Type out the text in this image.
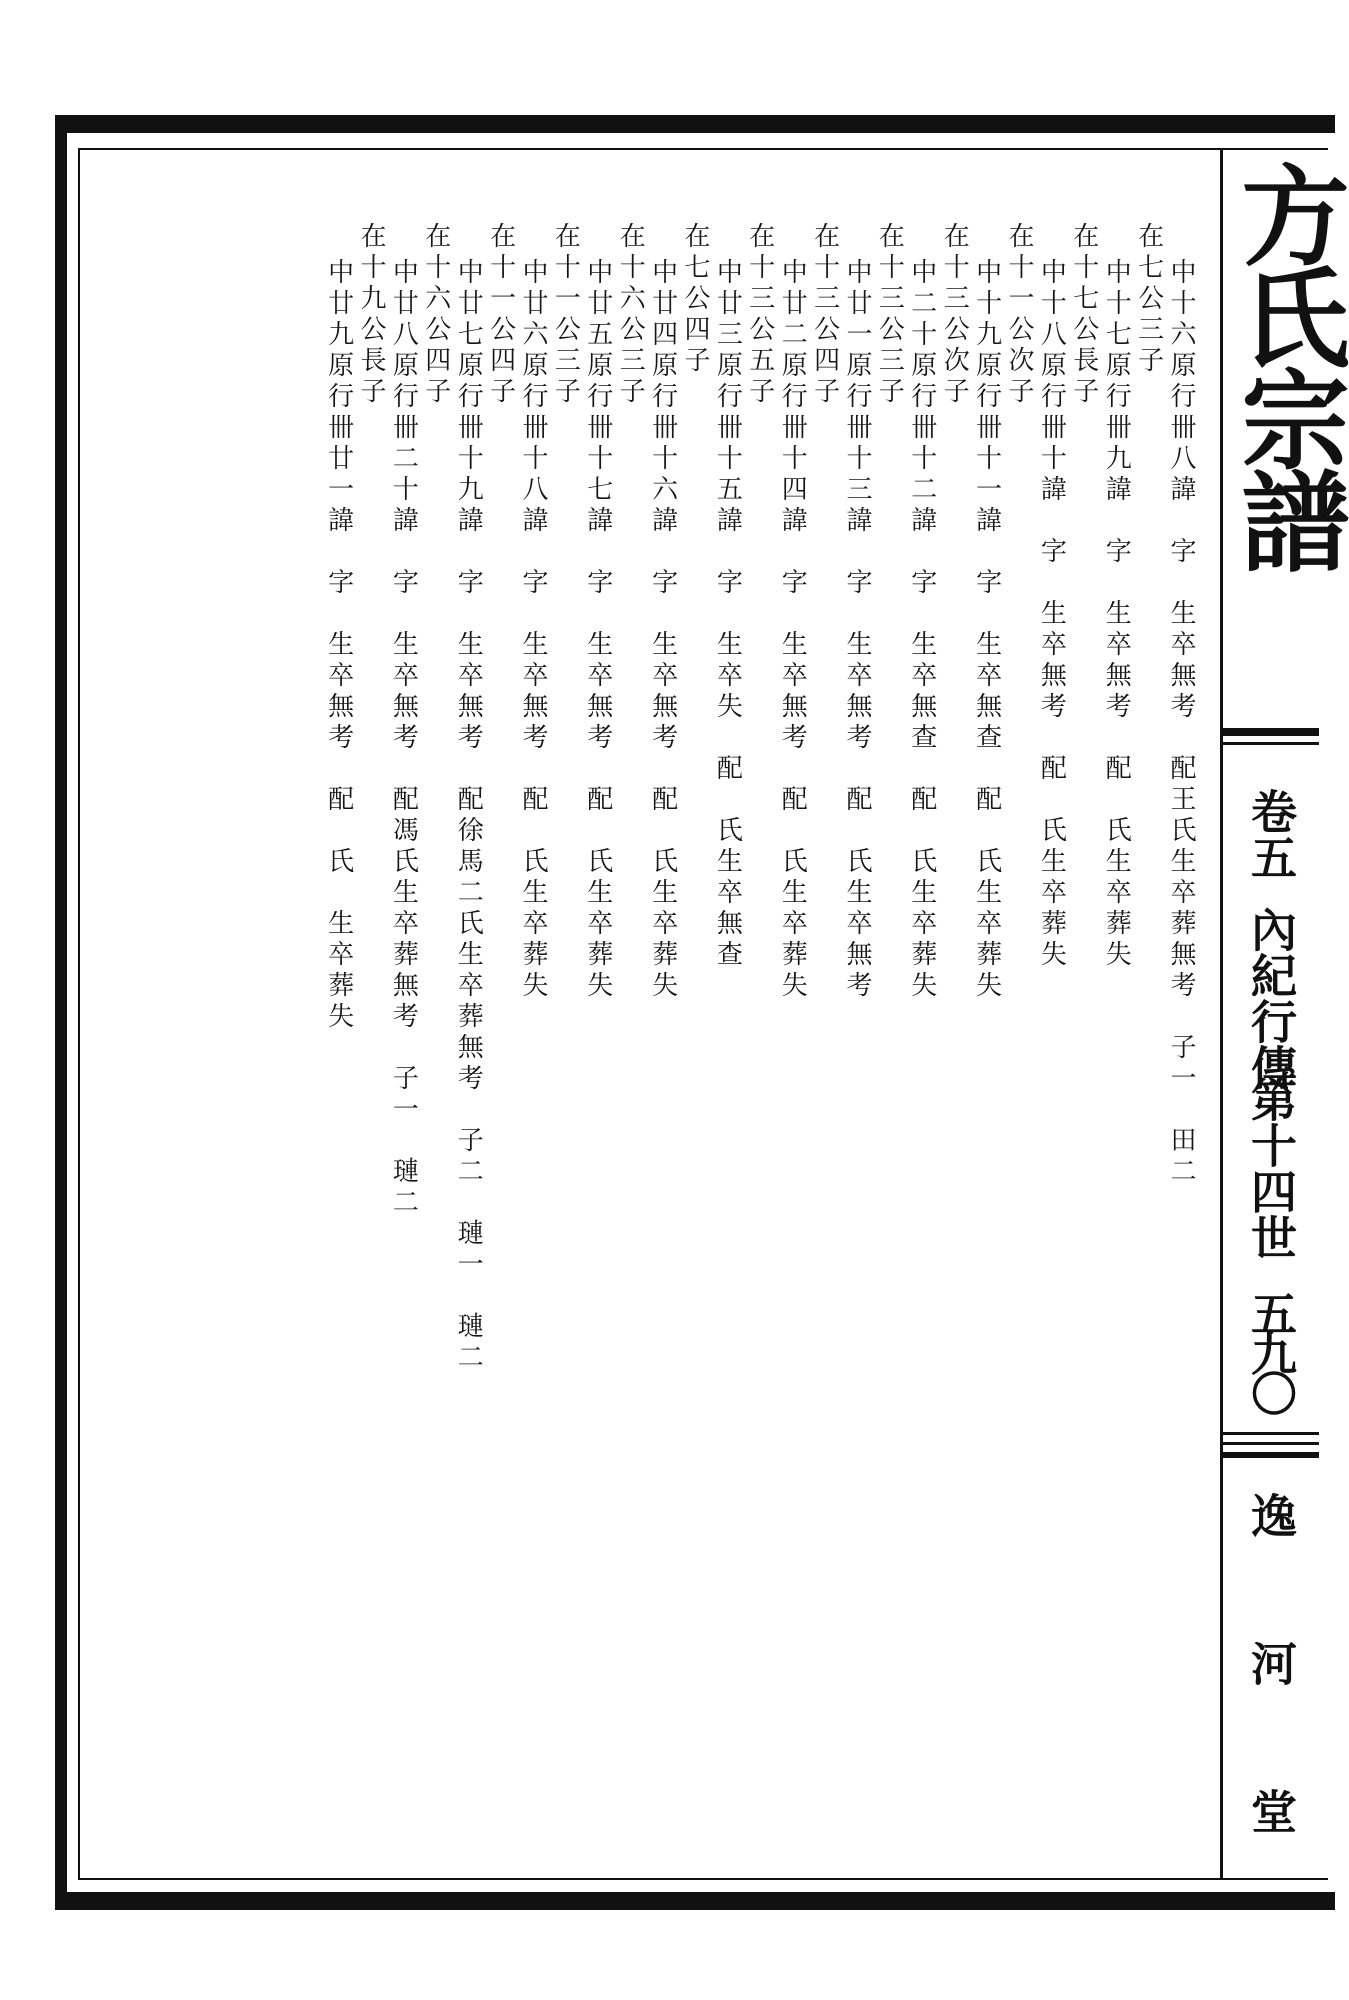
方氏宗譜
卷五
內紀行傳
第十四世
五九〇
逸河堂
中十六原行卌八諱　字　生卒無考　配王氏生卒葬無考　子一　田二
在七公三子
中十七原行卌九諱　字　生卒無考　配　氏生卒葬失
在十七公長子
中十八原行卌十諱　字　生卒無考　配　氏生卒葬失
在十一公次子
中十九原行卌十一諱　字　生卒無查　配　氏生卒葬失
在十三公次子
中二十原行卌十二諱　字　生卒無查　配　氏生卒葬失
在十三公三子
中廿一原行卌十三諱　字　生卒無考　配　氏生卒無考
在十三公四子
中廿二原行卌十四諱　字　生卒無考　配　氏生卒葬失
在十三公五子
中廿三原行卌十五諱　字　生卒失　配　氏生卒無查
在七公四子
中廿四原行卌十六諱　字　生卒無考　配　氏生卒葬失
在十六公三子
中廿五原行卌十七諱　字　生卒無考　配　氏生卒葬失
在十一公三子
中廿六原行卌十八諱　字　生卒無考　配　氏生卒葬失
在十一公四子
中廿七原行卌十九諱　字　生卒無考　配徐馬二氏生卒葬無考　子二　璉一　璉二
在十六公四子
中廿八原行卌二十諱　字　生卒無考　配馮氏生卒葬無考　子一　璉二
在十九公長子
中廿九原行卌廿一諱　字　生卒無考　配　氏　生卒葬失
